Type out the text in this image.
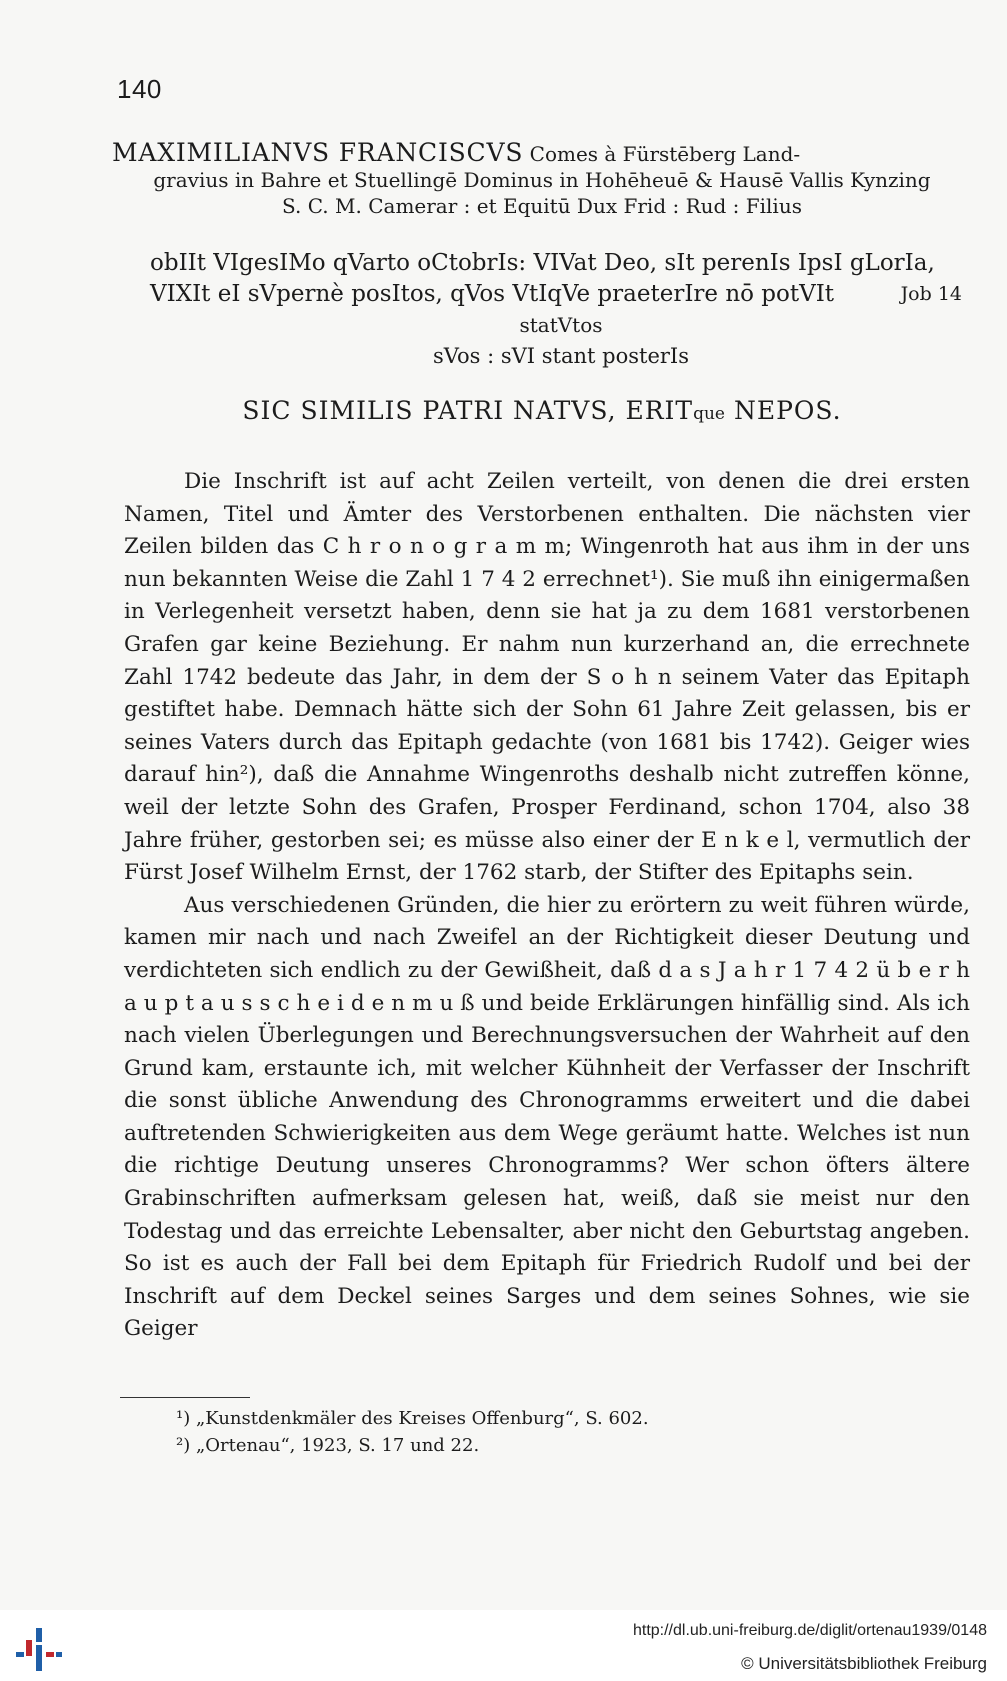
140
MAXIMILIANVS FRANCISCVS Comes à Fürstēberg Land-
gravius in Bahre et Stuellingē Dominus in Hohēheuē & Hausē Vallis Kynzing
S. C. M. Camerar : et Equitū Dux Frid : Rud : Filius
obIIt VIgesIMo qVarto oCtobrIs: VIVat Deo, sIt perenIs IpsI gLorIa,
VIXIt eI sVpernè posItos, qVos VtIqVe praeterIre nō potVIt	Job 14
statVtos
sVos : sVI stant posterIs
SIC SIMILIS PATRI NATVS, ERITque NEPOS.

Die Inschrift ist auf acht Zeilen verteilt, von denen die drei ersten Namen, Titel und Ämter des Verstorbenen enthalten. Die nächsten vier Zeilen bilden das C h r o n o g r a m m; Wingenroth hat aus ihm in der uns nun bekannten Weise die Zahl 1 7 4 2 errechnet¹). Sie muß ihn einigermaßen in Verlegenheit versetzt haben, denn sie hat ja zu dem 1681 verstorbenen Grafen gar keine Beziehung. Er nahm nun kurzerhand an, die errechnete Zahl 1742 bedeute das Jahr, in dem der S o h n seinem Vater das Epitaph gestiftet habe. Demnach hätte sich der Sohn 61 Jahre Zeit gelassen, bis er seines Vaters durch das Epitaph gedachte (von 1681 bis 1742). Geiger wies darauf hin²), daß die Annahme Wingenroths deshalb nicht zutreffen könne, weil der letzte Sohn des Grafen, Prosper Ferdinand, schon 1704, also 38 Jahre früher, gestorben sei; es müsse also einer der E n k e l, vermutlich der Fürst Josef Wilhelm Ernst, der 1762 starb, der Stifter des Epitaphs sein.

Aus verschiedenen Gründen, die hier zu erörtern zu weit führen würde, kamen mir nach und nach Zweifel an der Richtigkeit dieser Deutung und verdichteten sich endlich zu der Gewißheit, daß d a s J a h r 1 7 4 2 ü b e r h a u p t a u s s c h e i d e n m u ß und beide Erklärungen hinfällig sind. Als ich nach vielen Überlegungen und Berechnungsversuchen der Wahrheit auf den Grund kam, erstaunte ich, mit welcher Kühnheit der Verfasser der Inschrift die sonst übliche Anwendung des Chronogramms erweitert und die dabei auftretenden Schwierigkeiten aus dem Wege geräumt hatte. Welches ist nun die richtige Deutung unseres Chronogramms? Wer schon öfters ältere Grabinschriften aufmerksam gelesen hat, weiß, daß sie meist nur den Todestag und das erreichte Lebensalter, aber nicht den Geburtstag angeben. So ist es auch der Fall bei dem Epitaph für Friedrich Rudolf und bei der Inschrift auf dem Deckel seines Sarges und dem seines Sohnes, wie sie Geiger

¹) „Kunstdenkmäler des Kreises Offenburg“, S. 602.
²) „Ortenau“, 1923, S. 17 und 22.
http://dl.ub.uni-freiburg.de/diglit/ortenau1939/0148
© Universitätsbibliothek Freiburg
